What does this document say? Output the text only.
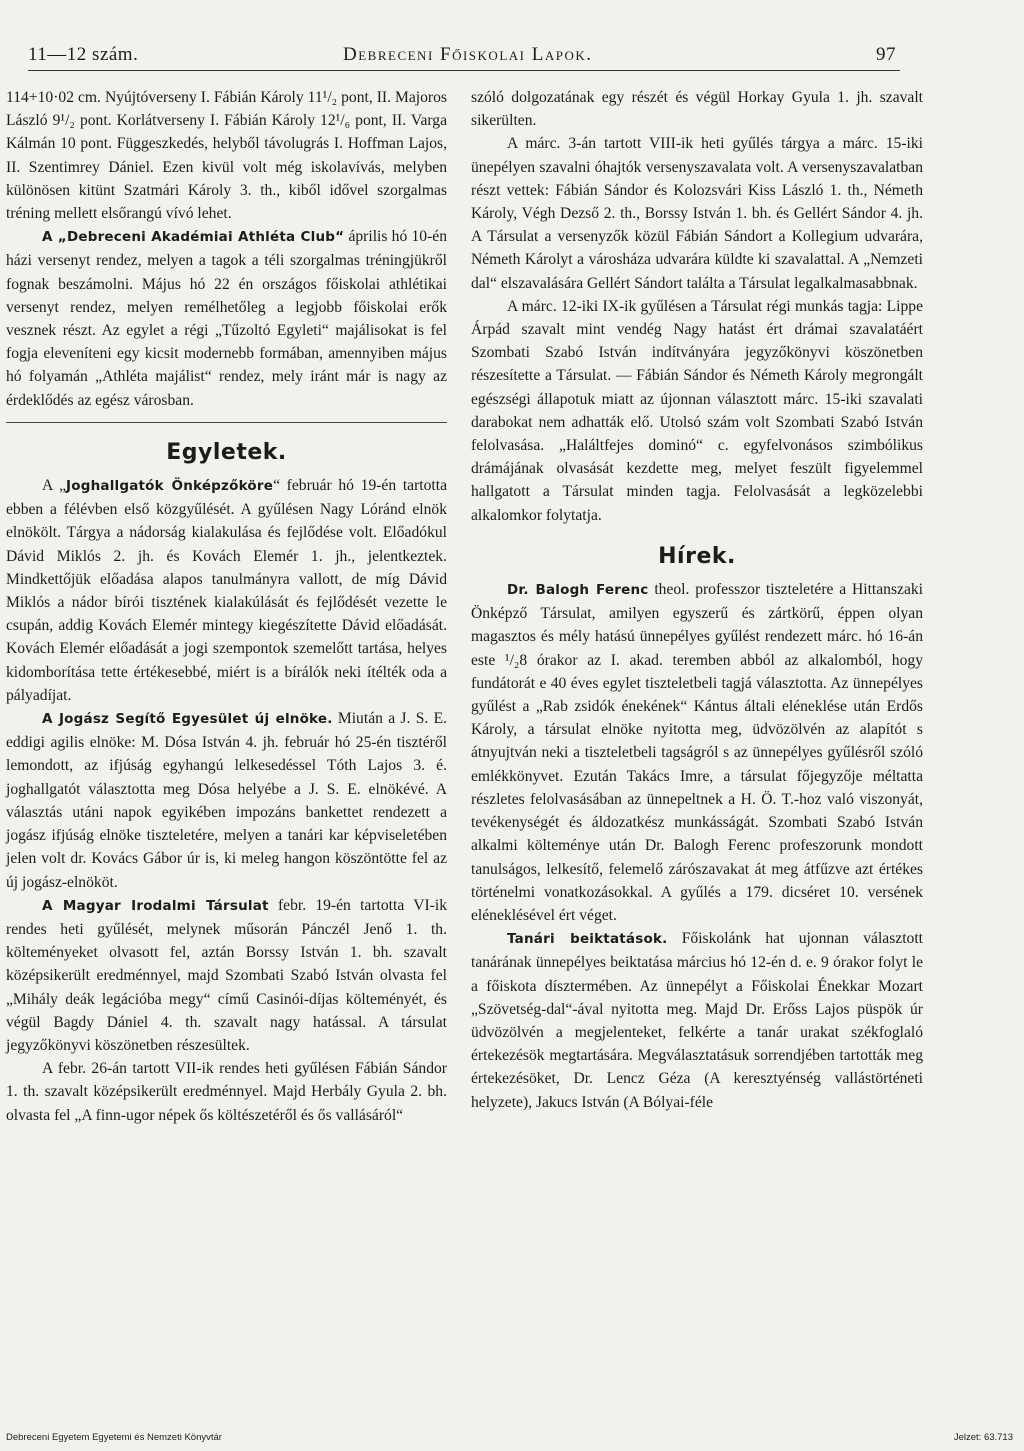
11—12 szám.	Debreceni Főiskolai Lapok.	97

114+10·02 cm. Nyújtóverseny I. Fábián Károly 11¹/₂ pont, II. Majoros László 9¹/₂ pont. Korlátverseny I. Fábián Károly 12¹/₆ pont, II. Varga Kálmán 10 pont. Függeszkedés, helyből távolugrás I. Hoffman Lajos, II. Szentimrey Dániel. Ezen kivül volt még iskolavívás, melyben különösen kitünt Szatmári Károly 3. th., kiből idővel szorgalmas tréning mellett elsőrangú vívó lehet.

A „Debreceni Akadémiai Athléta Club“ április hó 10-én házi versenyt rendez, melyen a tagok a téli szorgalmas tréningjükről fognak beszámolni. Május hó 22 én országos főiskolai athlétikai versenyt rendez, melyen remélhetőleg a legjobb főiskolai erők vesznek részt. Az egylet a régi „Tűzoltó Egyleti“ majálisokat is fel fogja eleveníteni egy kicsit modernebb formában, amennyiben május hó folyamán „Athléta majálist“ rendez, mely iránt már is nagy az érdeklődés az egész városban.

Egyletek.

A „Joghallgatók Önképzőköre“ február hó 19-én tartotta ebben a félévben első közgyűlését. A gyűlésen Nagy Lóránd elnök elnökölt. Tárgya a nádorság kialakulása és fejlődése volt. Előadókul Dávid Miklós 2. jh. és Kovách Elemér 1. jh., jelentkeztek. Mindkettőjük előadása alapos tanulmányra vallott, de míg Dávid Miklós a nádor bírói tisztének kialakúlását és fejlődését vezette le csupán, addig Kovách Elemér mintegy kiegészítette Dávid előadását. Kovách Elemér előadását a jogi szempontok szemelőtt tartása, helyes kidomborítása tette értékesebbé, miért is a bírálók neki ítélték oda a pályadíjat.

A Jogász Segítő Egyesület új elnöke. Miután a J. S. E. eddigi agilis elnöke: M. Dósa István 4. jh. február hó 25-én tisztéről lemondott, az ifjúság egyhangú lelkesedéssel Tóth Lajos 3. é. joghallgatót választotta meg Dósa helyébe a J. S. E. elnökévé. A választás utáni napok egyikében impozáns bankettet rendezett a jogász ifjúság elnöke tiszteletére, melyen a tanári kar képviseletében jelen volt dr. Kovács Gábor úr is, ki meleg hangon köszöntötte fel az új jogász-elnököt.

A Magyar Irodalmi Társulat febr. 19-én tartotta VI-ik rendes heti gyűlését, melynek műsorán Pánczél Jenő 1. th. költeményeket olvasott fel, aztán Borssy István 1. bh. szavalt középsikerült eredménnyel, majd Szombati Szabó István olvasta fel „Mihály deák legációba megy“ című Casinói-díjas költeményét, és végül Bagdy Dániel 4. th. szavalt nagy hatással. A társulat jegyzőkönyvi köszönetben részesültek.

A febr. 26-án tartott VII-ik rendes heti gyűlésen Fábián Sándor 1. th. szavalt középsikerült eredménnyel. Majd Herbály Gyula 2. bh. olvasta fel „A finn-ugor népek ős költészetéről és ős vallásáról“

szóló dolgozatának egy részét és végül Horkay Gyula 1. jh. szavalt sikerülten.

A márc. 3-án tartott VIII-ik heti gyűlés tárgya a márc. 15-iki ünepélyen szavalni óhajtók versenyszavalata volt. A versenyszavalatban részt vettek: Fábián Sándor és Kolozsvári Kiss László 1. th., Németh Károly, Végh Dezső 2. th., Borssy István 1. bh. és Gellért Sándor 4. jh. A Társulat a versenyzők közül Fábián Sándort a Kollegium udvarára, Németh Károlyt a városháza udvarára küldte ki szavalattal. A „Nemzeti dal“ elszavalására Gellért Sándort találta a Társulat legalkalmasabbnak.

A márc. 12-iki IX-ik gyűlésen a Társulat régi munkás tagja: Lippe Árpád szavalt mint vendég Nagy hatást ért drámai szavalatáért Szombati Szabó István indítványára jegyzőkönyvi köszönetben részesítette a Társulat. — Fábián Sándor és Németh Károly megrongált egészségi állapotuk miatt az újonnan választott márc. 15-iki szavalati darabokat nem adhatták elő. Utolsó szám volt Szombati Szabó István felolvasása. „Haláltfejes dominó“ c. egyfelvonásos szimbólikus drámájának olvasását kezdette meg, melyet feszült figyelemmel hallgatott a Társulat minden tagja. Felolvasását a legközelebbi alkalomkor folytatja.

Hírek.

Dr. Balogh Ferenc theol. professzor tiszteletére a Hittanszaki Önképző Társulat, amilyen egyszerű és zártkörű, éppen olyan magasztos és mély hatású ünnepélyes gyűlést rendezett márc. hó 16-án este ¹/₂8 órakor az I. akad. teremben abból az alkalomból, hogy fundátorát e 40 éves egylet tiszteletbeli tagjá választotta. Az ünnepélyes gyűlést a „Rab zsidók énekének“ Kántus általi eléneklése után Erdős Károly, a társulat elnöke nyitotta meg, üdvözölvén az alapítót s átnyujtván neki a tiszteletbeli tagságról s az ünnepélyes gyűlésről szóló emlékkönyvet. Ezután Takács Imre, a társulat főjegyzője méltatta részletes felolvasásában az ünnepeltnek a H. Ö. T.-hoz való viszonyát, tevékenységét és áldozatkész munkásságát. Szombati Szabó István alkalmi költeménye után Dr. Balogh Ferenc profeszorunk mondott tanulságos, lelkesítő, felemelő zárószavakat át meg átfűzve azt értékes történelmi vonatkozásokkal. A gyűlés a 179. dicséret 10. versének eléneklésével ért véget.

Tanári beiktatások. Főiskolánk hat ujonnan választott tanárának ünnepélyes beiktatása március hó 12-én d. e. 9 órakor folyt le a főiskota dísztermében. Az ünnepélyt a Főiskolai Énekkar Mozart „Szövetség-dal“-ával nyitotta meg. Majd Dr. Erőss Lajos püspök úr üdvözölvén a megjelenteket, felkérte a tanár urakat székfoglaló értekezésök megtartására. Megválasztatásuk sorrendjében tartották meg értekezésöket, Dr. Lencz Géza (A keresztyénség vallástörténeti helyzete), Jakucs István (A Bólyai-féle

Debreceni Egyetem Egyetemi és Nemzeti Könyvtár	Jelzet: 63.713
